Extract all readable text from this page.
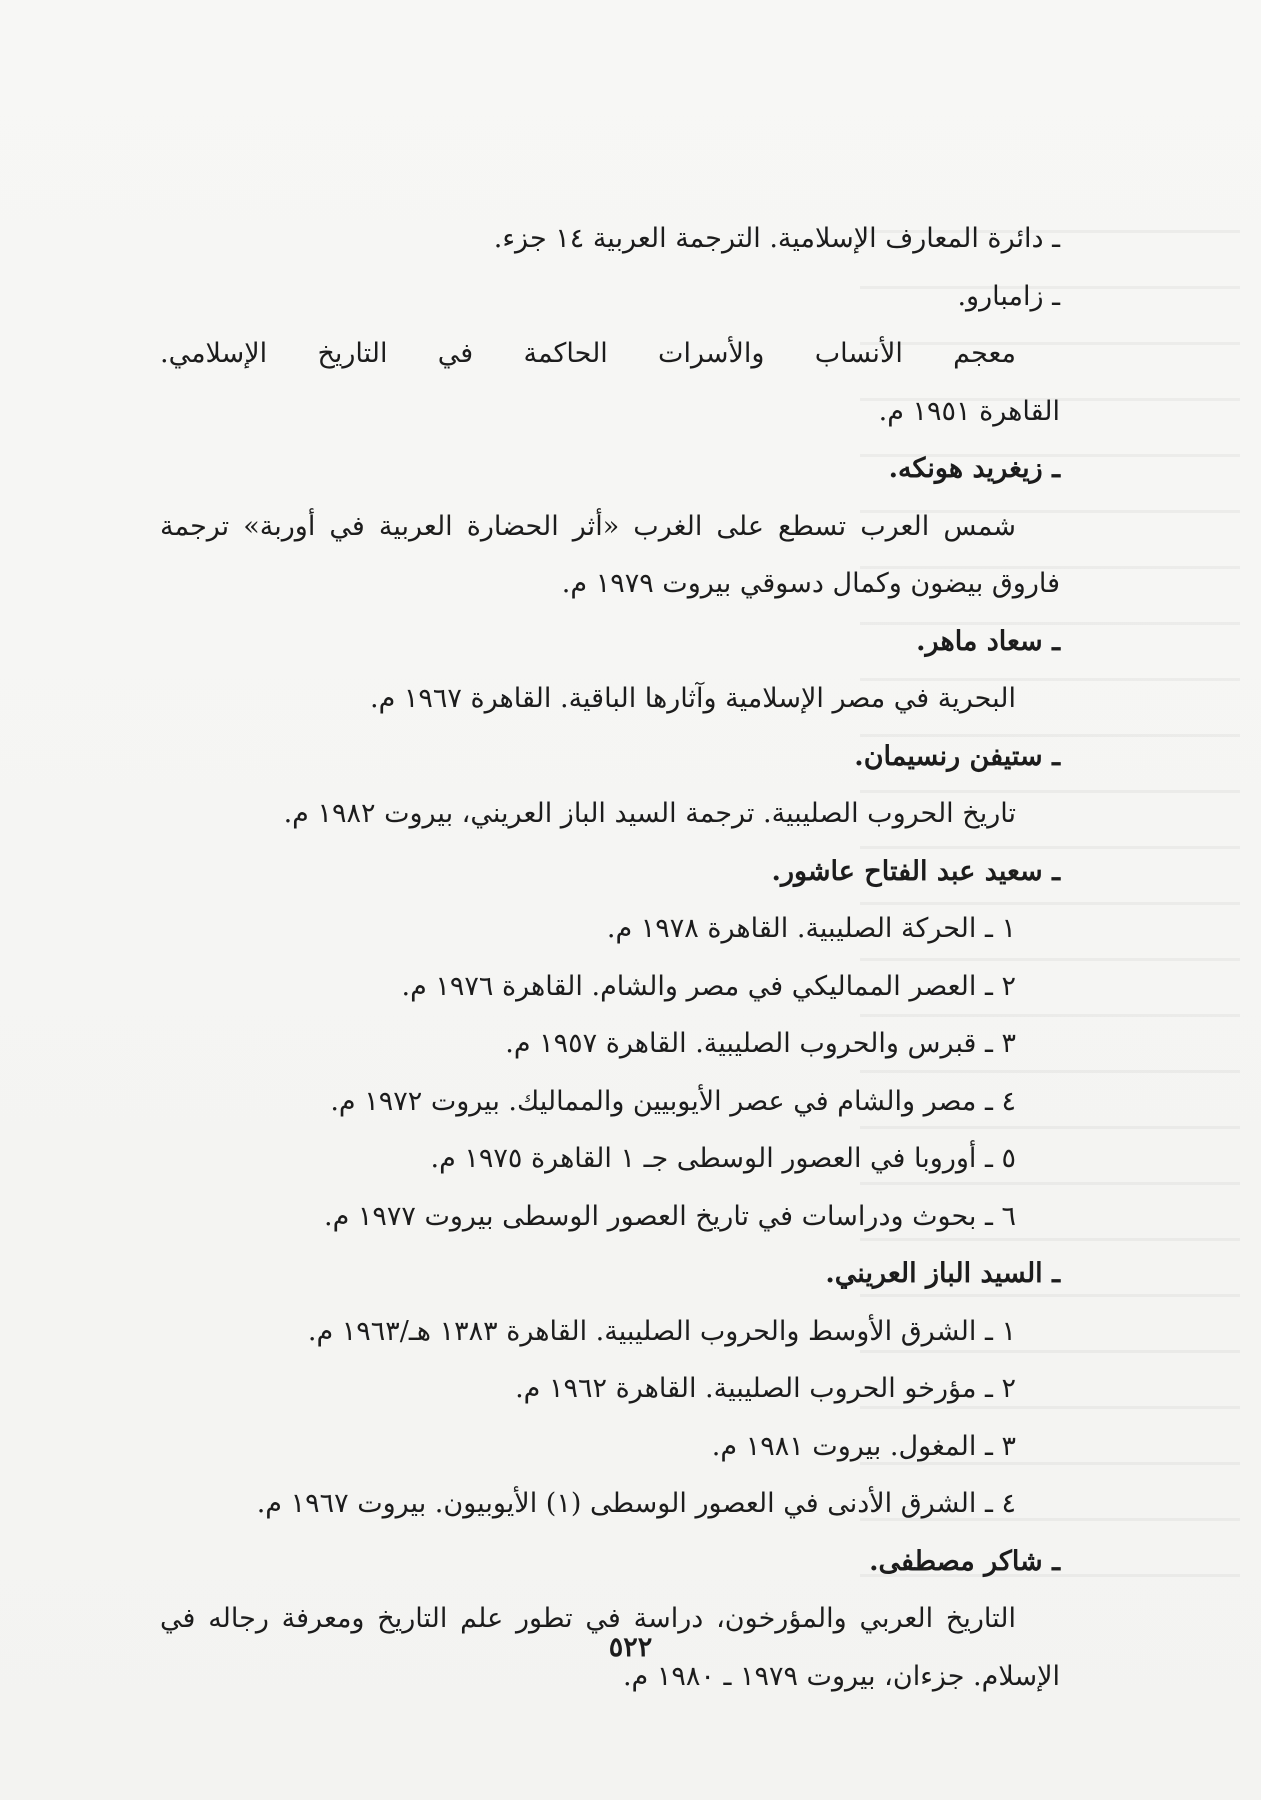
ـ دائرة المعارف الإسلامية. الترجمة العربية ١٤ جزء.
ـ زامبارو.
معجم الأنساب والأسرات الحاكمة في التاريخ الإسلامي.
القاهرة ١٩٥١ م.
ـ زيغريد هونكه.
شمس العرب تسطع على الغرب «أثر الحضارة العربية في أوربة» ترجمة
فاروق بيضون وكمال دسوقي بيروت ١٩٧٩ م.
ـ سعاد ماهر.
البحرية في مصر الإسلامية وآثارها الباقية. القاهرة ١٩٦٧ م.
ـ ستيفن رنسيمان.
تاريخ الحروب الصليبية. ترجمة السيد الباز العريني، بيروت ١٩٨٢ م.
ـ سعيد عبد الفتاح عاشور.
١ ـ الحركة الصليبية. القاهرة ١٩٧٨ م.
٢ ـ العصر المماليكي في مصر والشام. القاهرة ١٩٧٦ م.
٣ ـ قبرس والحروب الصليبية. القاهرة ١٩٥٧ م.
٤ ـ مصر والشام في عصر الأيوبيين والمماليك. بيروت ١٩٧٢ م.
٥ ـ أوروبا في العصور الوسطى جـ ١ القاهرة ١٩٧٥ م.
٦ ـ بحوث ودراسات في تاريخ العصور الوسطى بيروت ١٩٧٧ م.
ـ السيد الباز العريني.
١ ـ الشرق الأوسط والحروب الصليبية. القاهرة ١٣٨٣ هـ/١٩٦٣ م.
٢ ـ مؤرخو الحروب الصليبية. القاهرة ١٩٦٢ م.
٣ ـ المغول. بيروت ١٩٨١ م.
٤ ـ الشرق الأدنى في العصور الوسطى (١) الأيوبيون. بيروت ١٩٦٧ م.
ـ شاكر مصطفى.
التاريخ العربي والمؤرخون، دراسة في تطور علم التاريخ ومعرفة رجاله في
الإسلام. جزءان، بيروت ١٩٧٩ ـ ١٩٨٠ م.
٥٢٢
